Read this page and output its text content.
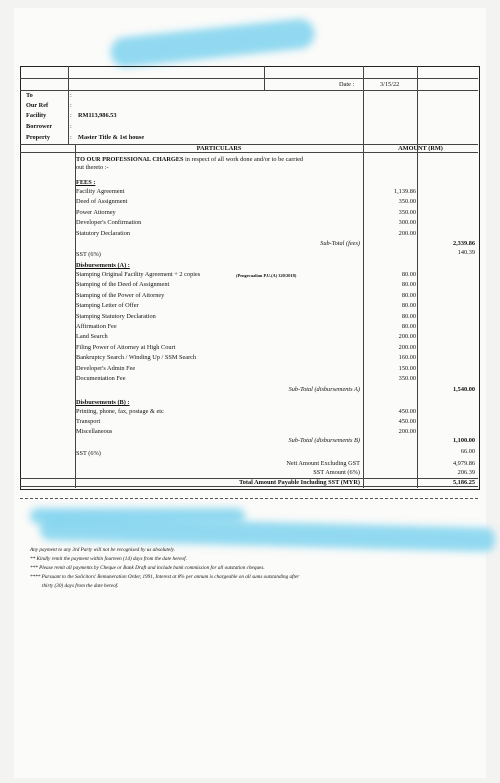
Date :	3/15/22
To	:
Our Ref	:
Facility	: RM113,986.53
Borrower	:
Property	: Master Title & 1st house
PARTICULARS	AMOUNT (RM)
TO OUR PROFESSIONAL CHARGES in respect of all work done and/or to be carried
out thereto :-
FEES :
Facility Agreement	1,139.86
Deed of Assignment	350.00
Power Attorney	350.00
Developer's Confirmation	300.00
Statutory Declaration	200.00
Sub-Total (fees)	2,339.86
SST (6%)	140.39
Disbursements (A) :
Stamping Original Facility Agreement + 2 copies	(Pengecualian P.U.(A) 320/2018)	80.00
Stamping of the Deed of Assignment	80.00
Stamping of the Power of Attorney	80.00
Stamping Letter of Offer	80.00
Stamping Statutory Declaration	80.00
Affirmation Fee	80.00
Land Search	200.00
Filing Power of Attorney at High Court	200.00
Bankruptcy Search / Winding Up / SSM Search	160.00
Developer's Admin Fee	150.00
Documentation Fee	350.00
Sub-Total (disbursements A)	1,540.00
Disbursements (B) :
Printing, phone, fax, postage & etc	450.00
Transport	450.00
Miscellaneous	200.00
Sub-Total (disbursements B)	1,100.00
SST (6%)	66.00
Nett Amount Excluding GST	4,979.86
SST Amount (6%)	206.39
Total Amount Payable Including SST (MYR)	5,186.25
Any payment to any 3rd Party will not be recognised by us absolutely.
** Kindly remit the payment within fourteen (14) days from the date hereof.
*** Please remit all payments by Cheque or Bank Draft and include bank commission for all outstation cheques.
**** Pursuant to the Solicitors' Remuneration Order, 1991, Interest at 8% per annum is chargeable on all sums outstanding after
thirty (30) days from the date hereof.
